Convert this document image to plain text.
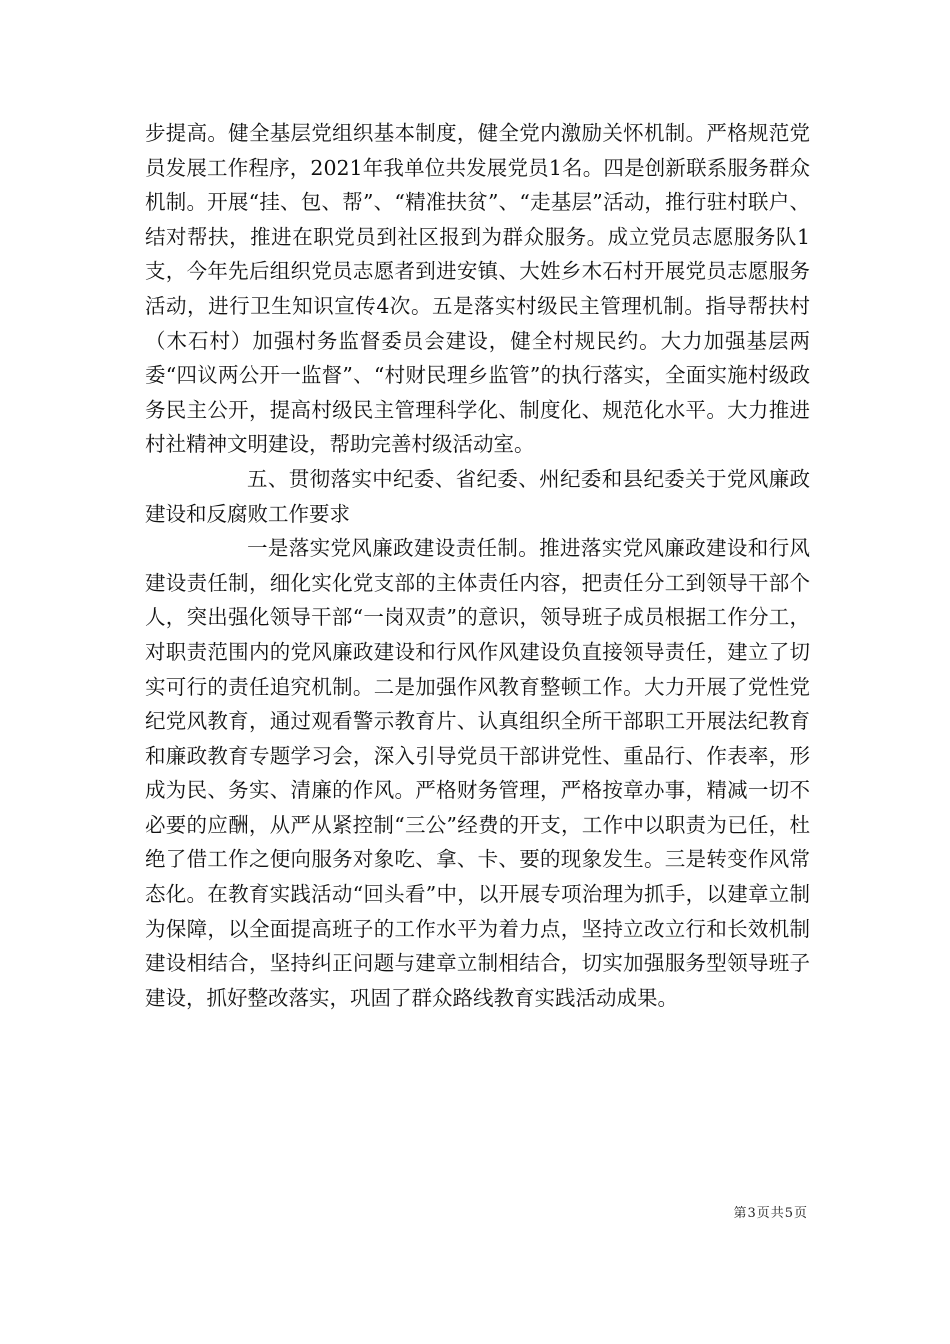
步提高。健全基层党组织基本制度，健全党内激励关怀机制。严格规范党员发展工作程序，2021年我单位共发展党员1名。四是创新联系服务群众机制。开展“挂、包、帮”、“精准扶贫”、“走基层”活动，推行驻村联户、结对帮扶，推进在职党员到社区报到为群众服务。成立党员志愿服务队1支，今年先后组织党员志愿者到进安镇、大姓乡木石村开展党员志愿服务活动，进行卫生知识宣传4次。五是落实村级民主管理机制。指导帮扶村（木石村）加强村务监督委员会建设，健全村规民约。大力加强基层两委“四议两公开一监督”、“村财民理乡监管”的执行落实，全面实施村级政务民主公开，提高村级民主管理科学化、制度化、规范化水平。大力推进村社精神文明建设，帮助完善村级活动室。

五、贯彻落实中纪委、省纪委、州纪委和县纪委关于党风廉政建设和反腐败工作要求

一是落实党风廉政建设责任制。推进落实党风廉政建设和行风建设责任制，细化实化党支部的主体责任内容，把责任分工到领导干部个人，突出强化领导干部“一岗双责”的意识，领导班子成员根据工作分工，对职责范围内的党风廉政建设和行风作风建设负直接领导责任，建立了切实可行的责任追究机制。二是加强作风教育整顿工作。大力开展了党性党纪党风教育，通过观看警示教育片、认真组织全所干部职工开展法纪教育和廉政教育专题学习会，深入引导党员干部讲党性、重品行、作表率，形成为民、务实、清廉的作风。严格财务管理，严格按章办事，精减一切不必要的应酬，从严从紧控制“三公”经费的开支，工作中以职责为已任，杜绝了借工作之便向服务对象吃、拿、卡、要的现象发生。三是转变作风常态化。在教育实践活动“回头看”中，以开展专项治理为抓手，以建章立制为保障，以全面提高班子的工作水平为着力点，坚持立改立行和长效机制建设相结合，坚持纠正问题与建章立制相结合，切实加强服务型领导班子建设，抓好整改落实，巩固了群众路线教育实践活动成果。

第3页共5页
